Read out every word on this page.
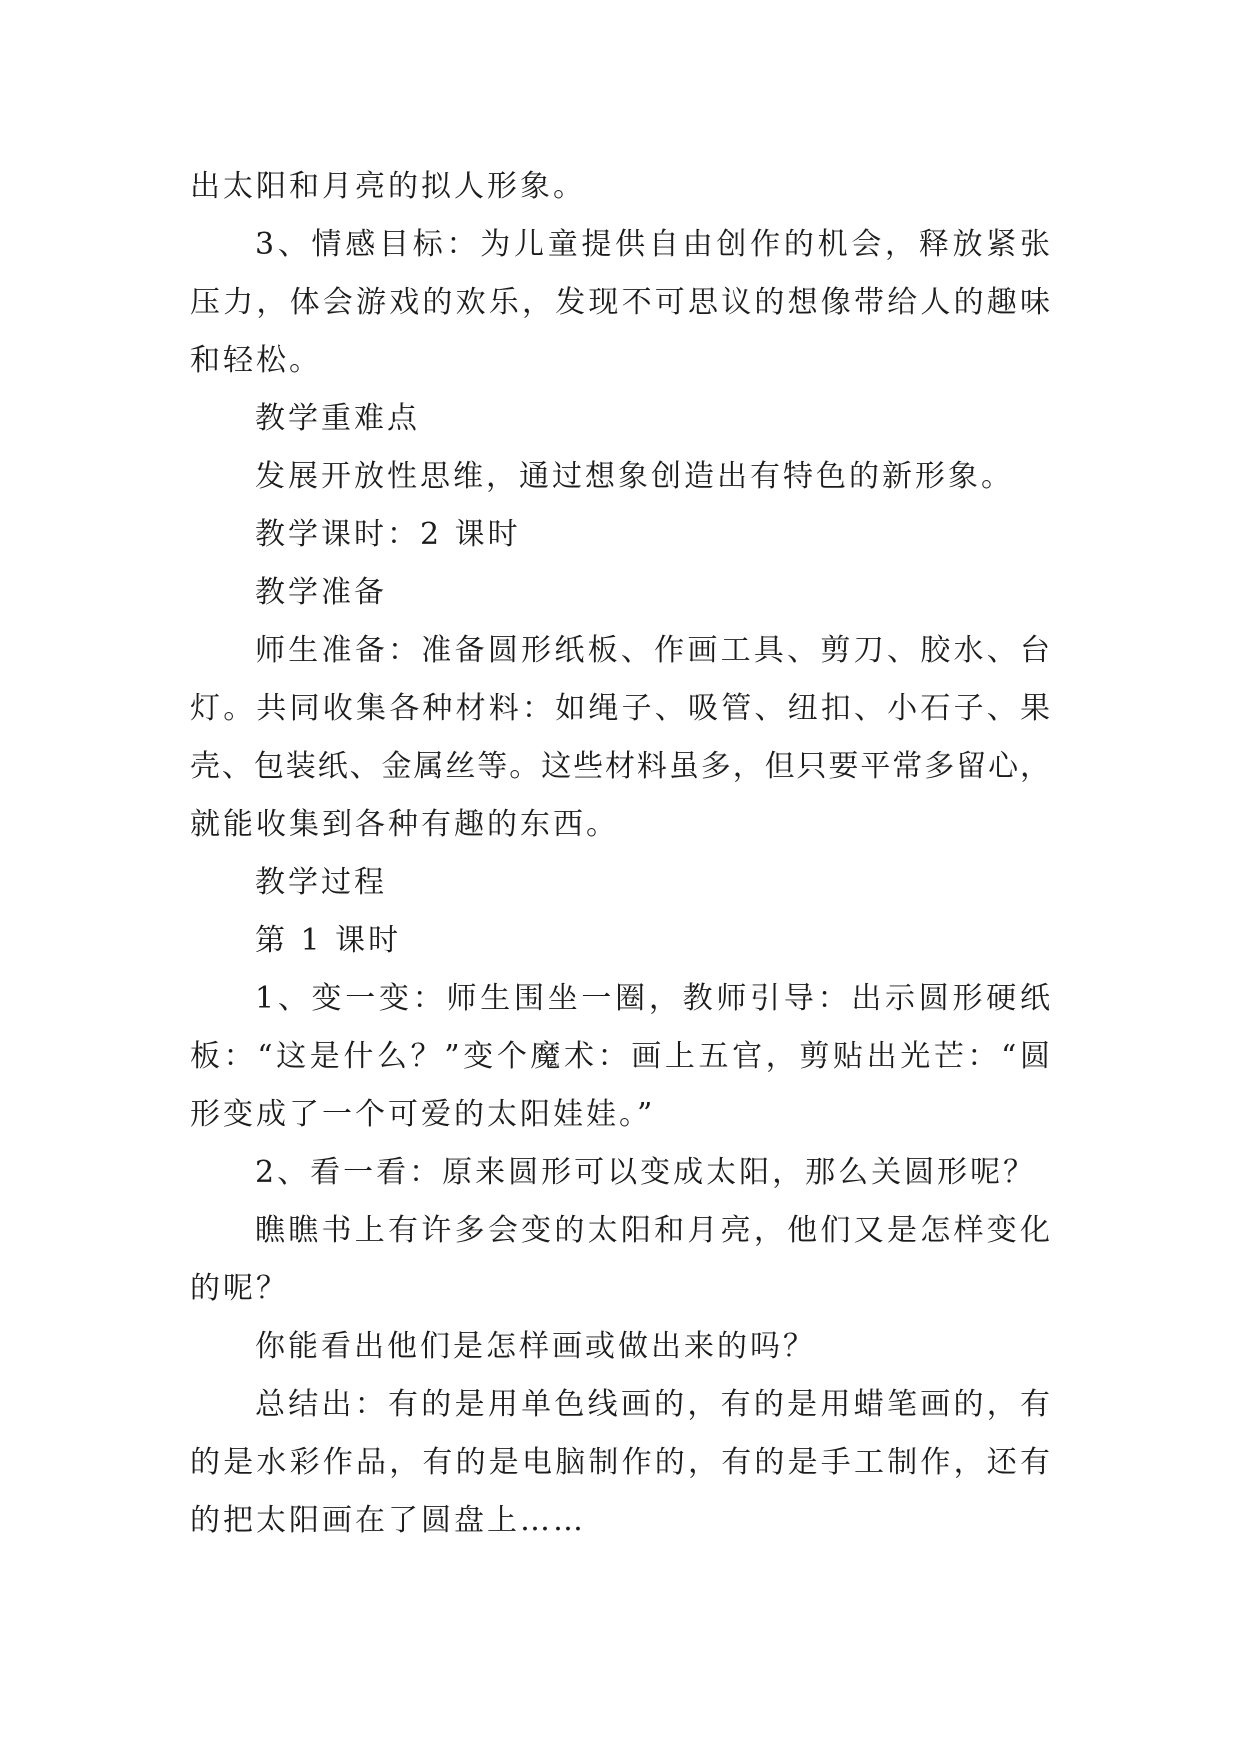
出太阳和月亮的拟人形象。
3、情感目标：为儿童提供自由创作的机会，释放紧张
压力，体会游戏的欢乐，发现不可思议的想像带给人的趣味
和轻松。
教学重难点
发展开放性思维，通过想象创造出有特色的新形象。
教学课时：2 课时
教学准备
师生准备：准备圆形纸板、作画工具、剪刀、胶水、台
灯。共同收集各种材料：如绳子、吸管、纽扣、小石子、果
壳、包装纸、金属丝等。这些材料虽多，但只要平常多留心，
就能收集到各种有趣的东西。
教学过程
第 1 课时
1、变一变：师生围坐一圈，教师引导：出示圆形硬纸
板：“这是什么？”变个魔术：画上五官，剪贴出光芒：“圆
形变成了一个可爱的太阳娃娃。”
2、看一看：原来圆形可以变成太阳，那么关圆形呢？
瞧瞧书上有许多会变的太阳和月亮，他们又是怎样变化
的呢？
你能看出他们是怎样画或做出来的吗？
总结出：有的是用单色线画的，有的是用蜡笔画的，有
的是水彩作品，有的是电脑制作的，有的是手工制作，还有
的把太阳画在了圆盘上……
